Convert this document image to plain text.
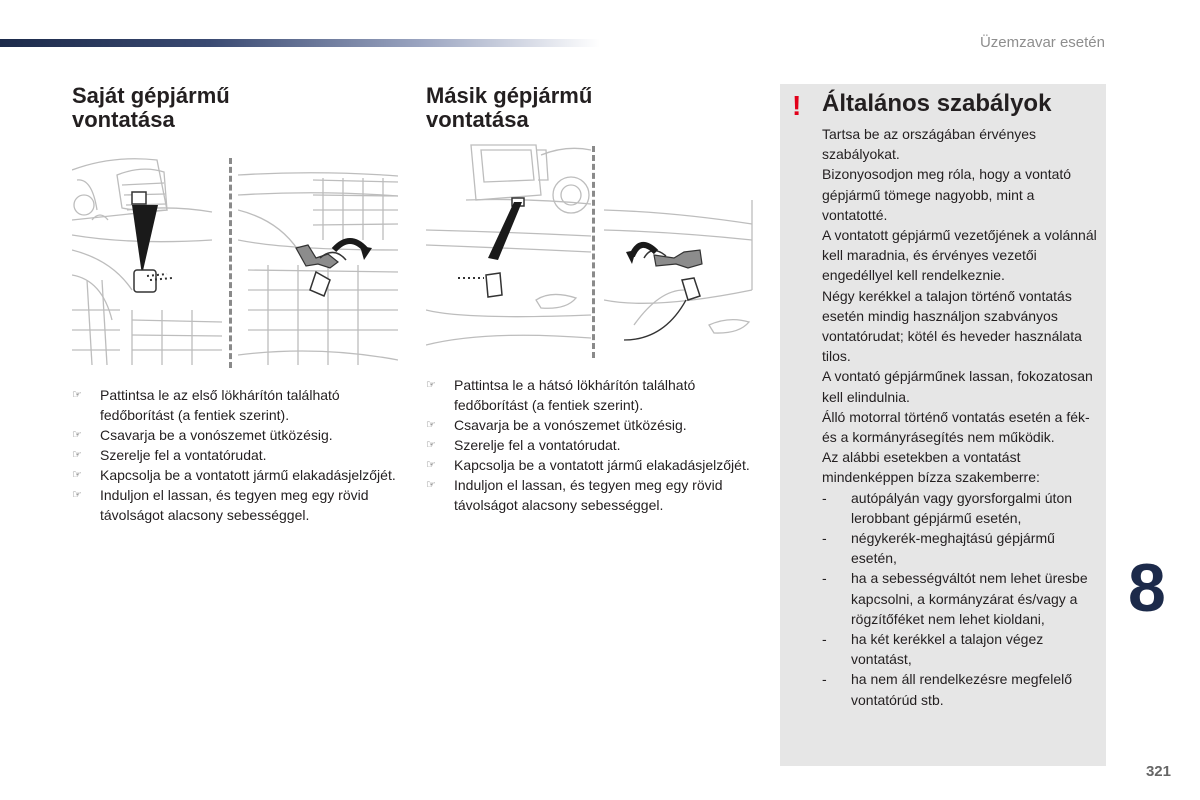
Üzemzavar esetén
Saját gépjármű
vontatása
☞ Pattintsa le az első lökhárítón található fedőborítást (a fentiek szerint).
☞ Csavarja be a vonószemet ütközésig.
☞ Szerelje fel a vontatórudat.
☞ Kapcsolja be a vontatott jármű elakadásjelzőjét.
☞ Induljon el lassan, és tegyen meg egy rövid távolságot alacsony sebességgel.
Másik gépjármű
vontatása
☞ Pattintsa le a hátsó lökhárítón található fedőborítást (a fentiek szerint).
☞ Csavarja be a vonószemet ütközésig.
☞ Szerelje fel a vontatórudat.
☞ Kapcsolja be a vontatott jármű elakadásjelzőjét.
☞ Induljon el lassan, és tegyen meg egy rövid távolságot alacsony sebességgel.
! Általános szabályok

Tartsa be az országában érvényes szabályokat.

Bizonyosodjon meg róla, hogy a vontató gépjármű tömege nagyobb, mint a vontatotté.

A vontatott gépjármű vezetőjének a volánnál kell maradnia, és érvényes vezetői engedéllyel kell rendelkeznie.

Négy kerékkel a talajon történő vontatás esetén mindig használjon szabványos vontatórudat; kötél és heveder használata tilos.

A vontató gépjárműnek lassan, fokozatosan kell elindulnia.

Álló motorral történő vontatás esetén a fék- és a kormányrásegítés nem működik.

Az alábbi esetekben a vontatást mindenképpen bízza szakemberre:

- autópályán vagy gyorsforgalmi úton lerobbant gépjármű esetén,
- négykerék-meghajtású gépjármű esetén,
- ha a sebességváltót nem lehet üresbe kapcsolni, a kormányzárat és/vagy a rögzítőféket nem lehet kioldani,
- ha két kerékkel a talajon végez vontatást,
- ha nem áll rendelkezésre megfelelő vontatórúd stb.
8
321
